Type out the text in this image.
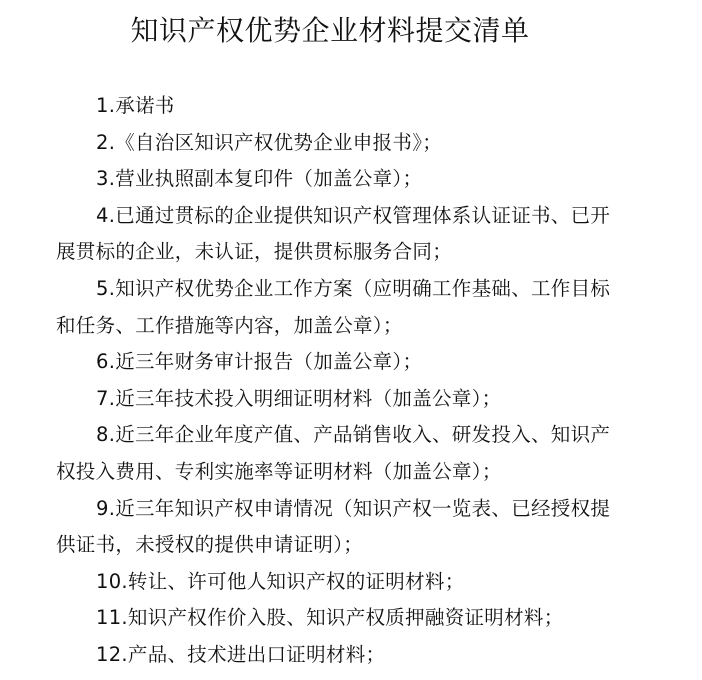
知识产权优势企业材料提交清单

1.承诺书

2.《自治区知识产权优势企业申报书》；

3.营业执照副本复印件（加盖公章）；

4.已通过贯标的企业提供知识产权管理体系认证证书、已开展贯标的企业，未认证，提供贯标服务合同；

5.知识产权优势企业工作方案（应明确工作基础、工作目标和任务、工作措施等内容，加盖公章）；

6.近三年财务审计报告（加盖公章）；

7.近三年技术投入明细证明材料（加盖公章）；

8.近三年企业年度产值、产品销售收入、研发投入、知识产权投入费用、专利实施率等证明材料（加盖公章）；

9.近三年知识产权申请情况（知识产权一览表、已经授权提供证书，未授权的提供申请证明）；

10.转让、许可他人知识产权的证明材料；

11.知识产权作价入股、知识产权质押融资证明材料；

12.产品、技术进出口证明材料；
